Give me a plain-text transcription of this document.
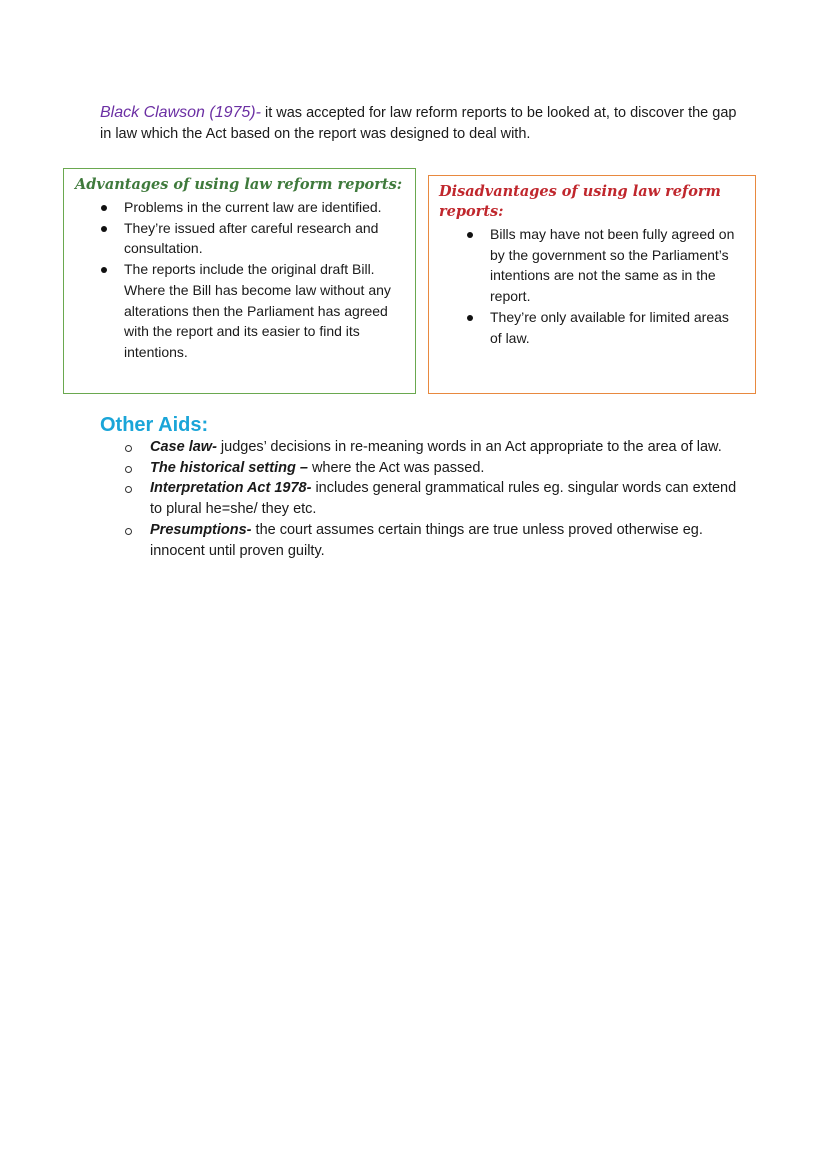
Black Clawson (1975)- it was accepted for law reform reports to be looked at, to discover the gap in law which the Act based on the report was designed to deal with.
Advantages of using law reform reports:
Problems in the current law are identified.
They’re issued after careful research and consultation.
The reports include the original draft Bill. Where the Bill has become law without any alterations then the Parliament has agreed with the report and its easier to find its intentions.
Disadvantages of using law reform reports:
Bills may have not been fully agreed on by the government so the Parliament’s intentions are not the same as in the report.
They’re only available for limited areas of law.
Other Aids:
Case law- judges’ decisions in re-meaning words in an Act appropriate to the area of law.
The historical setting – where the Act was passed.
Interpretation Act 1978- includes general grammatical rules eg. singular words can extend to plural he=she/ they etc.
Presumptions- the court assumes certain things are true unless proved otherwise eg. innocent until proven guilty.
